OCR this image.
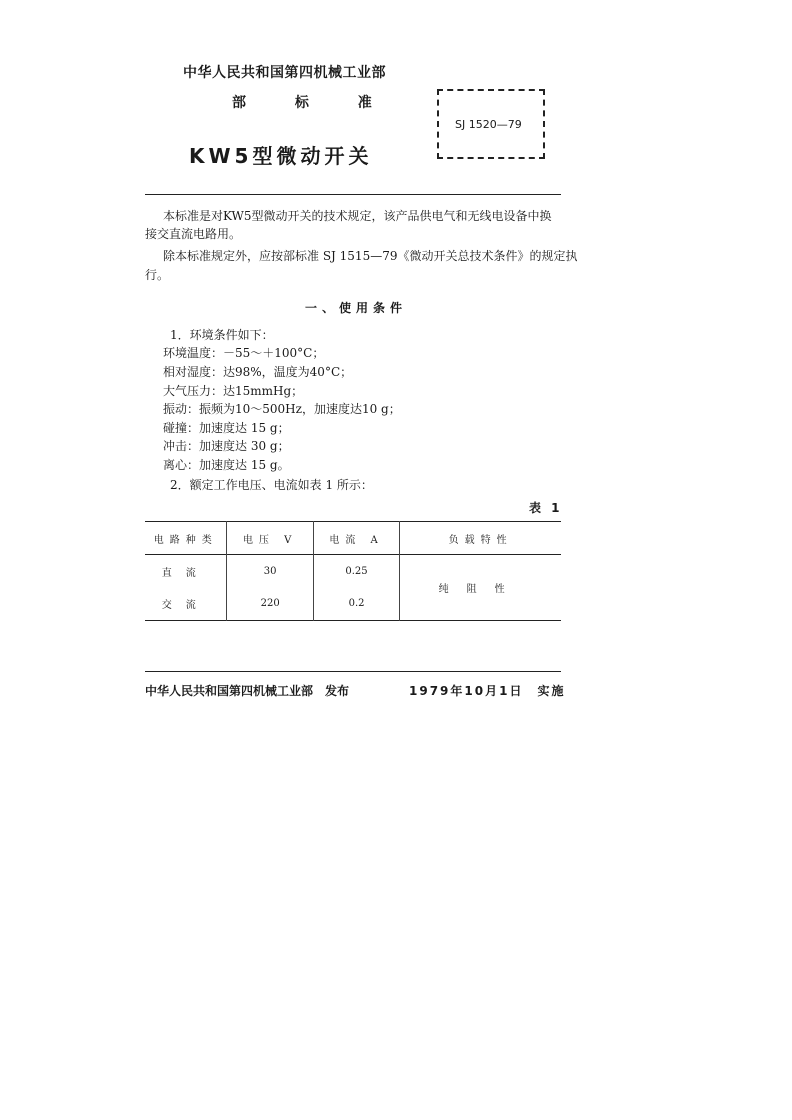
中华人民共和国第四机械工业部
部 标 准
KW5型微动开关
SJ 1520—79
本标准是对KW5型微动开关的技术规定，该产品供电气和无线电设备中换
接交直流电路用。
除本标准规定外，应按部标准 SJ 1515—79《微动开关总技术条件》的规定执
行。
一、使用条件
1．环境条件如下：
环境温度：－55～＋100°C；
相对湿度：达98%，温度为40°C；
大气压力：达15mmHg；
振动：振频为10～500Hz，加速度达10 g；
碰撞：加速度达 15 g；
冲击：加速度达 30 g；
离心：加速度达 15 g。
2．额定工作电压、电流如表 1 所示：
表 1
电路种类	电压 V	电流 A	负载特性
直流	30	0.25	纯阻性
交流	220	0.2	
中华人民共和国第四机械工业部　发布	1979年10月1日　实施
